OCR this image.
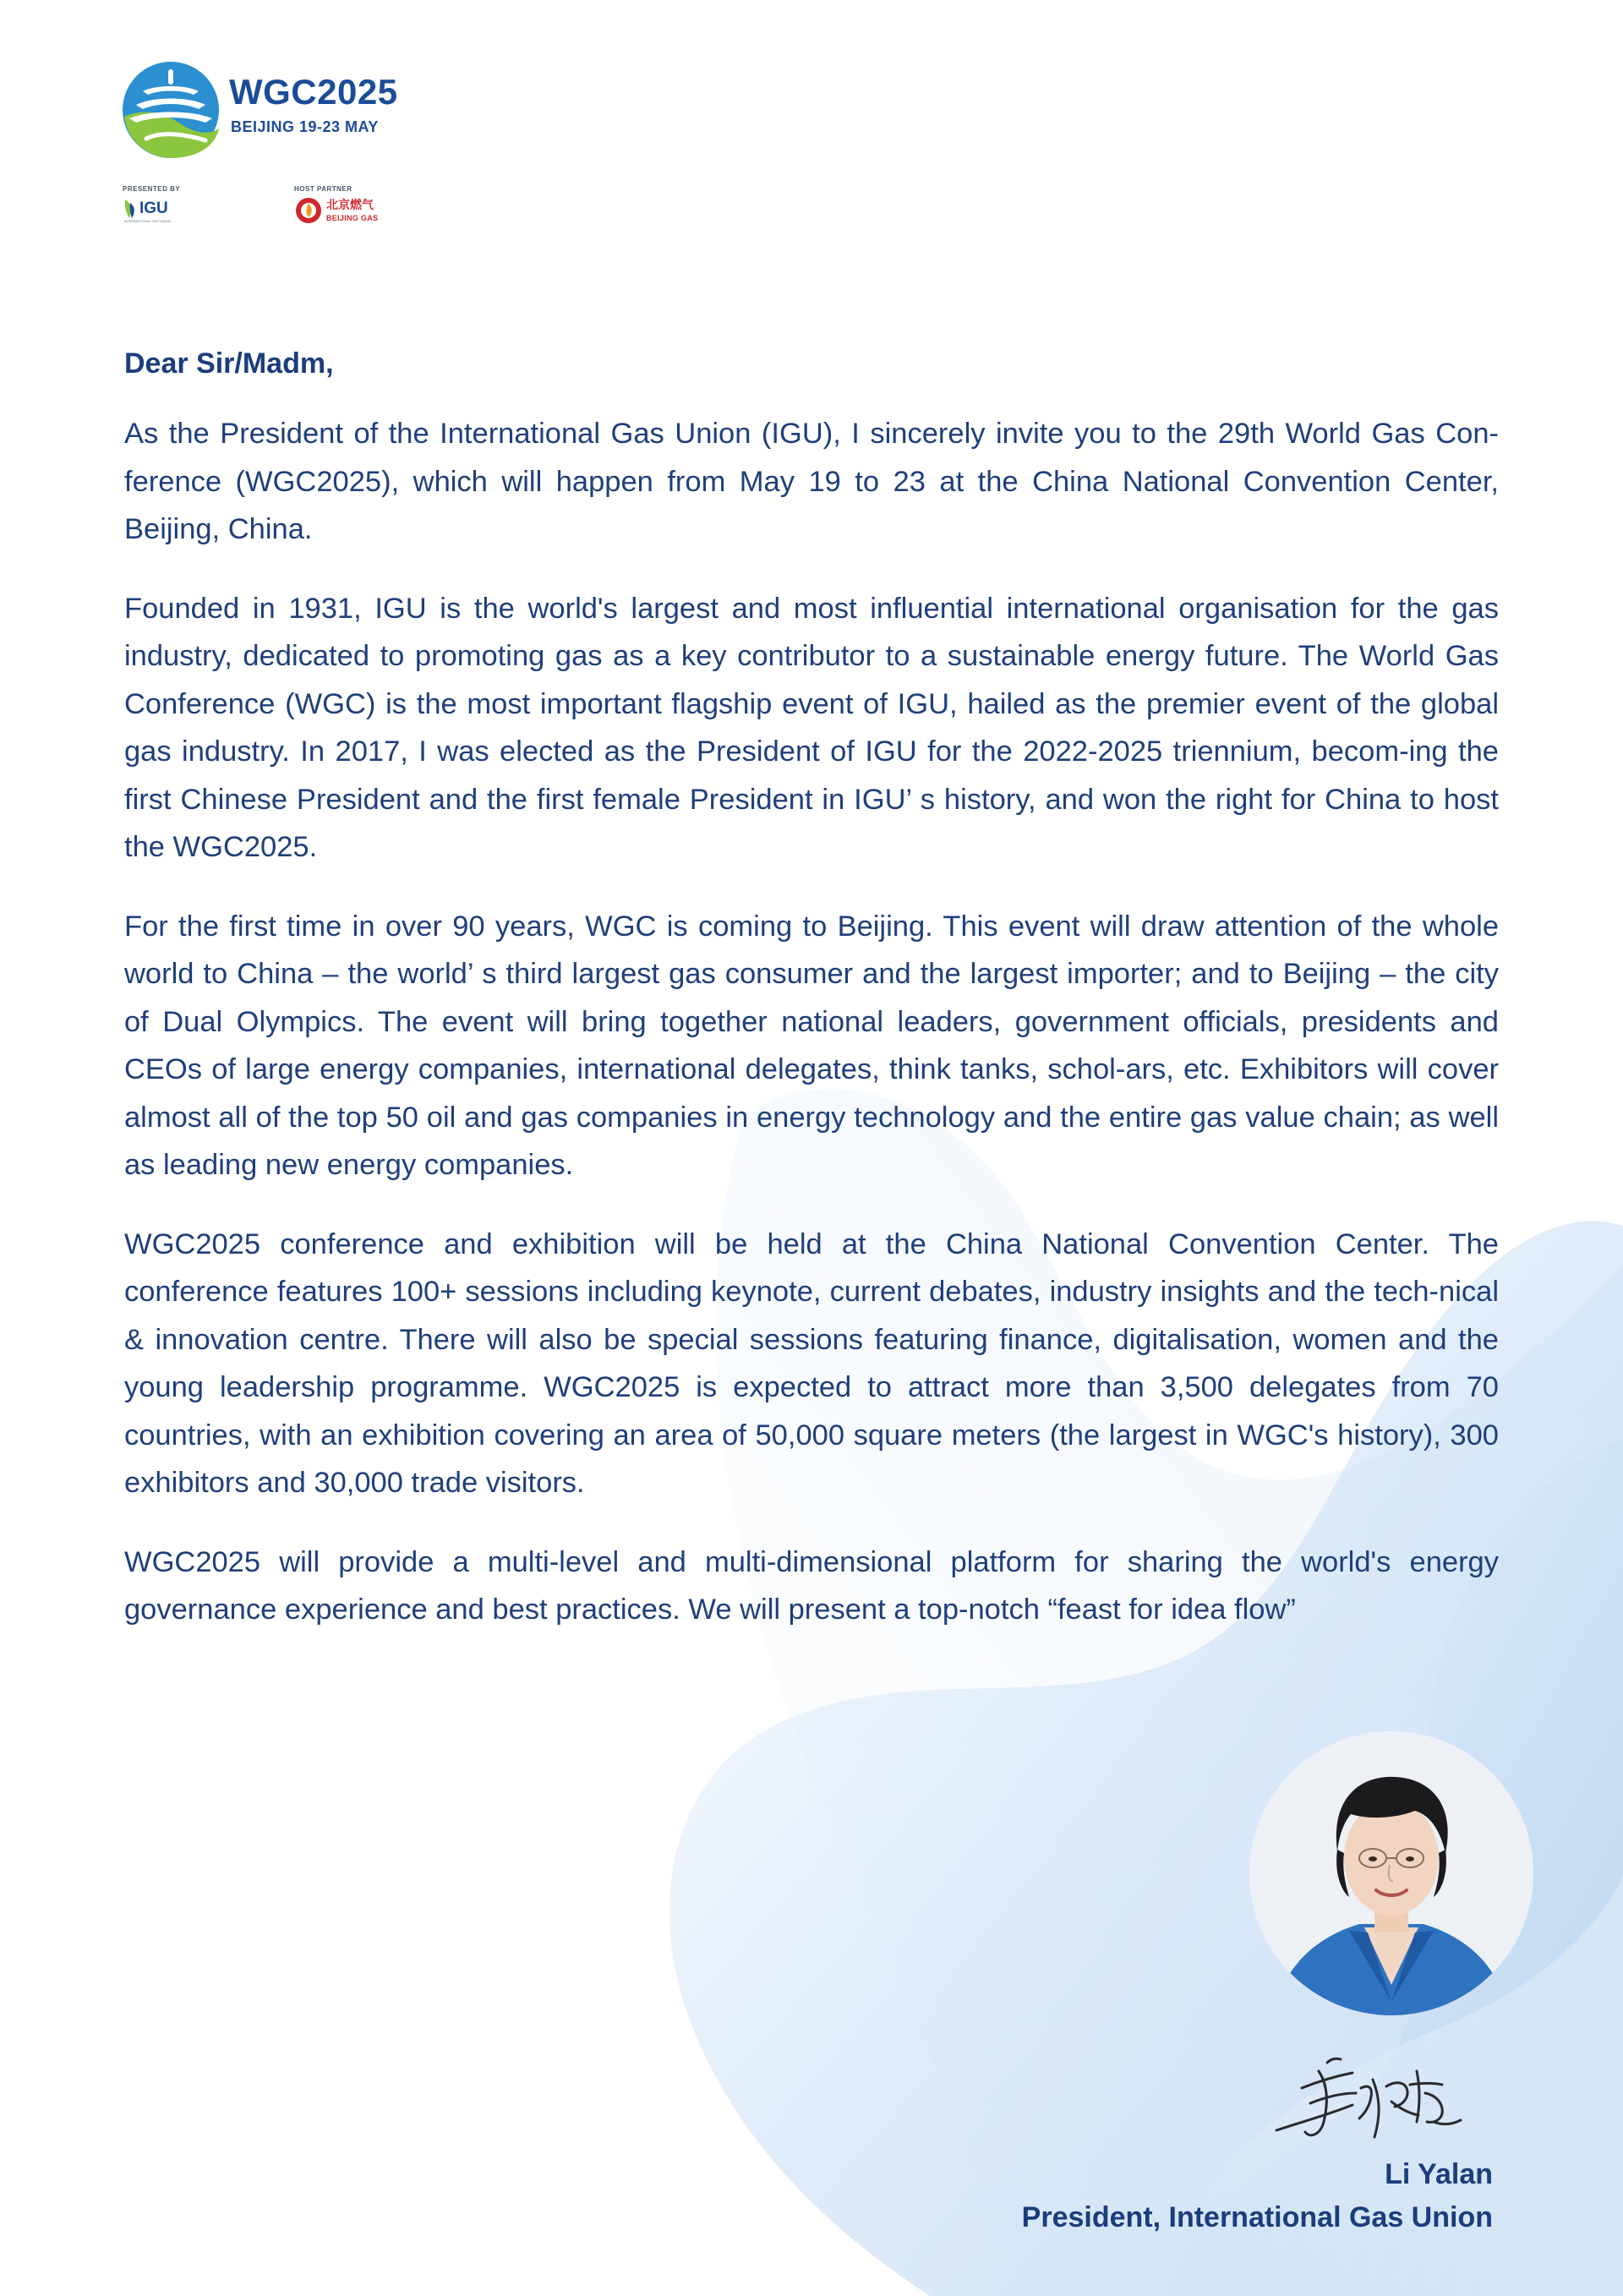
WGC2025
BEIJING 19-23 MAY
PRESENTED BY
IGU
INTERNATIONAL GAS UNION
HOST PARTNER
北京燃气
BEIJING GAS
Dear Sir/Madm,

As the President of the International Gas Union (IGU), I sincerely invite you to the 29th World Gas Con-ference (WGC2025), which will happen from May 19 to 23 at the China National Convention Center, Beijing, China.

Founded in 1931, IGU is the world's largest and most influential international organisation for the gas industry, dedicated to promoting gas as a key contributor to a sustainable energy future. The World Gas Conference (WGC) is the most important flagship event of IGU, hailed as the premier event of the global gas industry. In 2017, I was elected as the President of IGU for the 2022-2025 triennium, becom-ing the first Chinese President and the first female President in IGU’ s history, and won the right for China to host the WGC2025.

For the first time in over 90 years, WGC is coming to Beijing. This event will draw attention of the whole world to China – the world’ s third largest gas consumer and the largest importer; and to Beijing – the city of Dual Olympics. The event will bring together national leaders, government officials, presidents and CEOs of large energy companies, international delegates, think tanks, schol-ars, etc. Exhibitors will cover almost all of the top 50 oil and gas companies in energy technology and the entire gas value chain; as well as leading new energy companies.

WGC2025 conference and exhibition will be held at the China National Convention Center. The conference features 100+ sessions including keynote, current debates, industry insights and the tech-nical & innovation centre. There will also be special sessions featuring finance, digitalisation, women and the young leadership programme. WGC2025 is expected to attract more than 3,500 delegates from 70 countries, with an exhibition covering an area of 50,000 square meters (the largest in WGC's history), 300 exhibitors and 30,000 trade visitors.

WGC2025 will provide a multi-level and multi-dimensional platform for sharing the world's energy governance experience and best practices. We will present a top-notch “feast for idea flow”

Li Yalan
President, International Gas Union
